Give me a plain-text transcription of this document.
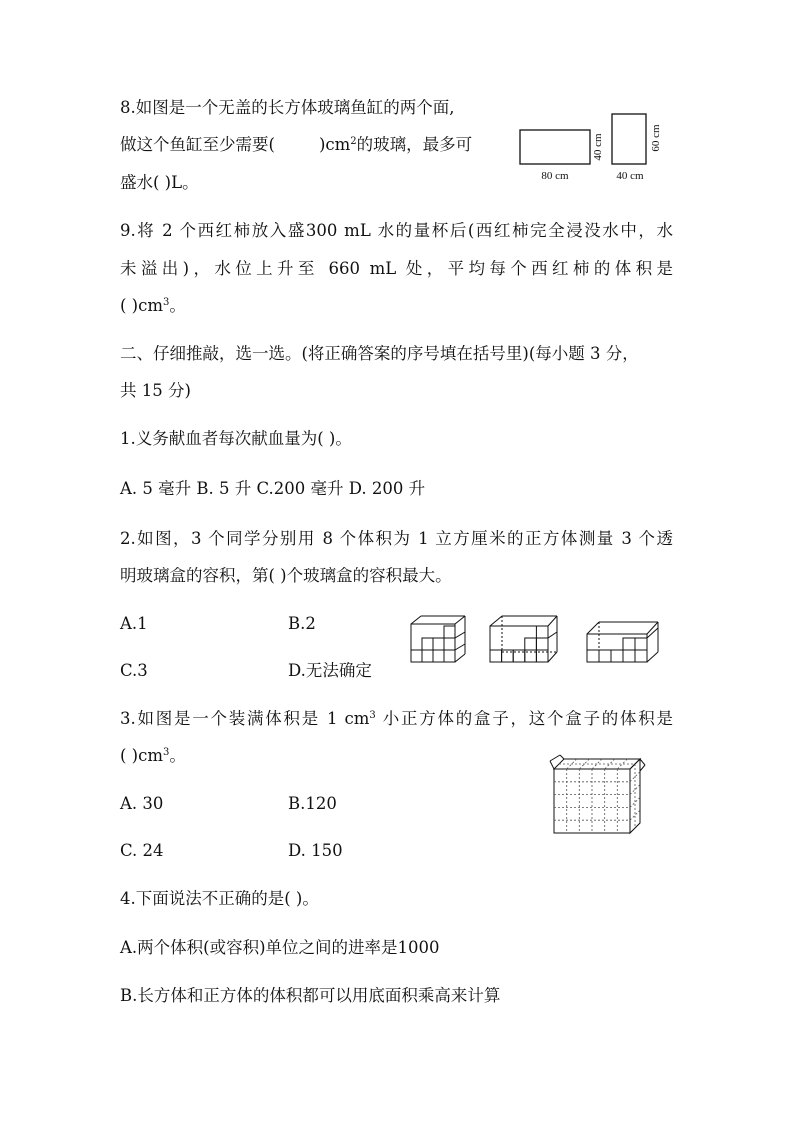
8.如图是一个无盖的长方体玻璃鱼缸的两个面,
做这个鱼缸至少需要(	)$cm^2$的玻璃，最多可
盛水( )L。
40 cm
80 cm
60 cm
40 cm
9.将 2 个西红柿放入盛300 mL 水的量杯后(西红柿完全浸没水中，水
未溢出)，水位上升至 660 mL 处，平均每个西红柿的体积是
( )$cm^3$。
二、仔细推敲，选一选。(将正确答案的序号填在括号里)(每小题 3 分，
共 15 分)
1.义务献血者每次献血量为( )。
A. 5 毫升 B. 5 升 C.200 毫升 D. 200 升
2.如图，3 个同学分别用 8 个体积为 1 立方厘米的正方体测量 3 个透
明玻璃盒的容积，第( )个玻璃盒的容积最大。
A.1	B.2
C.3	D.无法确定
3.如图是一个装满体积是 1 $cm^3$ 小正方体的盒子，这个盒子的体积是
( )$cm^3$。
A. 30	B.120
C. 24	D. 150
4.下面说法不正确的是( )。
A.两个体积(或容积)单位之间的进率是1000
B.长方体和正方体的体积都可以用底面积乘高来计算
